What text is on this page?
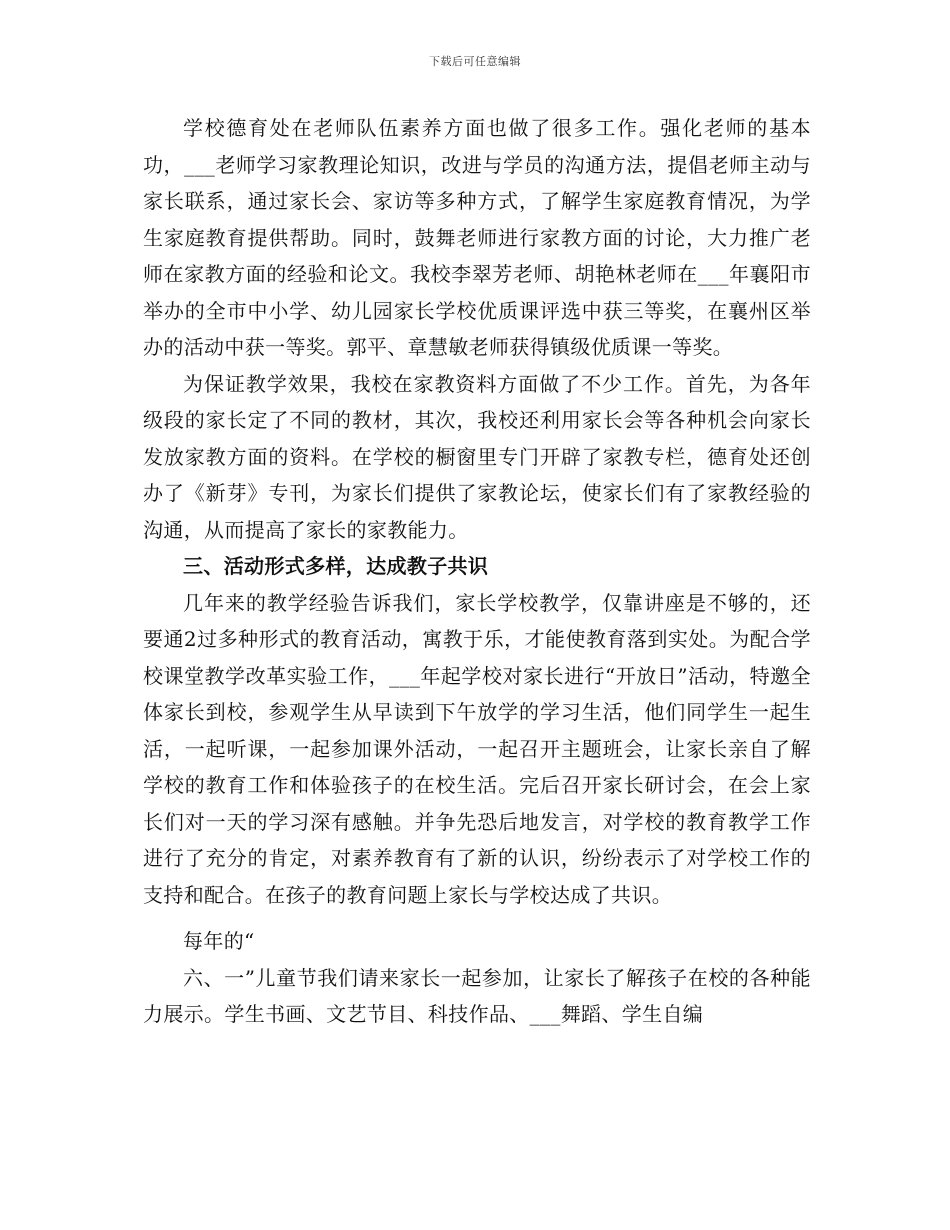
下载后可任意编辑

学校德育处在老师队伍素养方面也做了很多工作。强化老师的基本功，___老师学习家教理论知识，改进与学员的沟通方法，提倡老师主动与家长联系，通过家长会、家访等多种方式，了解学生家庭教育情况，为学生家庭教育提供帮助。同时，鼓舞老师进行家教方面的讨论，大力推广老师在家教方面的经验和论文。我校李翠芳老师、胡艳林老师在___年襄阳市举办的全市中小学、幼儿园家长学校优质课评选中获三等奖，在襄州区举办的活动中获一等奖。郭平、章慧敏老师获得镇级优质课一等奖。

为保证教学效果，我校在家教资料方面做了不少工作。首先，为各年级段的家长定了不同的教材，其次，我校还利用家长会等各种机会向家长发放家教方面的资料。在学校的橱窗里专门开辟了家教专栏，德育处还创办了《新芽》专刊，为家长们提供了家教论坛，使家长们有了家教经验的沟通，从而提高了家长的家教能力。

三、活动形式多样，达成教子共识

几年来的教学经验告诉我们，家长学校教学，仅靠讲座是不够的，还要通2过多种形式的教育活动，寓教于乐，才能使教育落到实处。为配合学校课堂教学改革实验工作，___年起学校对家长进行“开放日”活动，特邀全体家长到校，参观学生从早读到下午放学的学习生活，他们同学生一起生活，一起听课，一起参加课外活动，一起召开主题班会，让家长亲自了解学校的教育工作和体验孩子的在校生活。完后召开家长研讨会，在会上家长们对一天的学习深有感触。并争先恐后地发言，对学校的教育教学工作进行了充分的肯定，对素养教育有了新的认识，纷纷表示了对学校工作的支持和配合。在孩子的教育问题上家长与学校达成了共识。

每年的“

六、一”儿童节我们请来家长一起参加，让家长了解孩子在校的各种能力展示。学生书画、文艺节目、科技作品、___舞蹈、学生自编
